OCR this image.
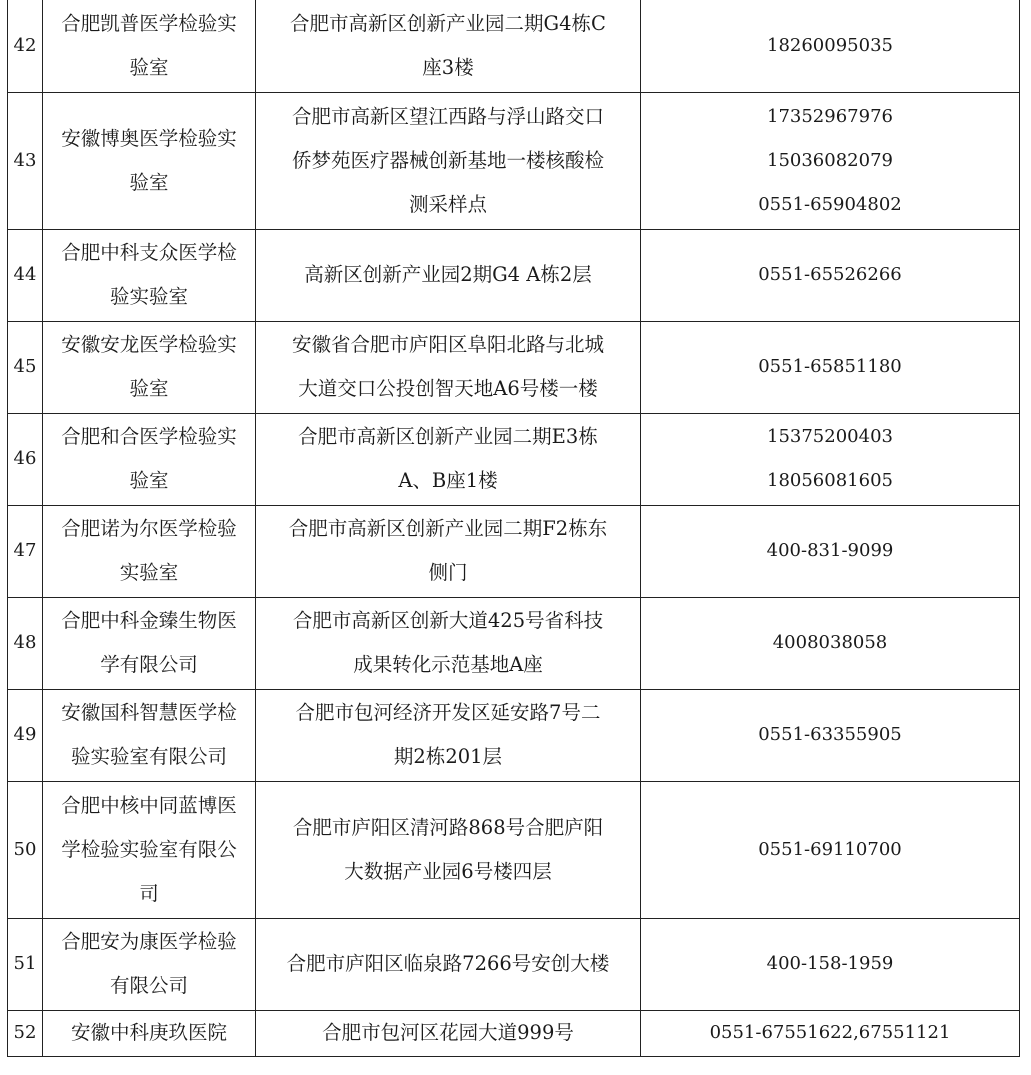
42	合肥凯普医学检验实
验室	合肥市高新区创新产业园二期G4栋C
座3楼	18260095035

43	安徽博奥医学检验实
验室	合肥市高新区望江西路与浮山路交口
侨梦苑医疗器械创新基地一楼核酸检
测采样点	17352967976
15036082079
0551-65904802

44	合肥中科支众医学检
验实验室	高新区创新产业园2期G4 A栋2层	0551-65526266

45	安徽安龙医学检验实
验室	安徽省合肥市庐阳区阜阳北路与北城
大道交口公投创智天地A6号楼一楼	0551-65851180

46	合肥和合医学检验实
验室	合肥市高新区创新产业园二期E3栋
A、B座1楼	15375200403
18056081605

47	合肥诺为尔医学检验
实验室	合肥市高新区创新产业园二期F2栋东
侧门	400-831-9099

48	合肥中科金臻生物医
学有限公司	合肥市高新区创新大道425号省科技
成果转化示范基地A座	4008038058

49	安徽国科智慧医学检
验实验室有限公司	合肥市包河经济开发区延安路7号二
期2栋201层	0551-63355905

50	合肥中核中同蓝博医
学检验实验室有限公
司	合肥市庐阳区清河路868号合肥庐阳
大数据产业园6号楼四层	0551-69110700

51	合肥安为康医学检验
有限公司	合肥市庐阳区临泉路7266号安创大楼	400-158-1959

52	安徽中科庚玖医院	合肥市包河区花园大道999号	0551-67551622,67551121
